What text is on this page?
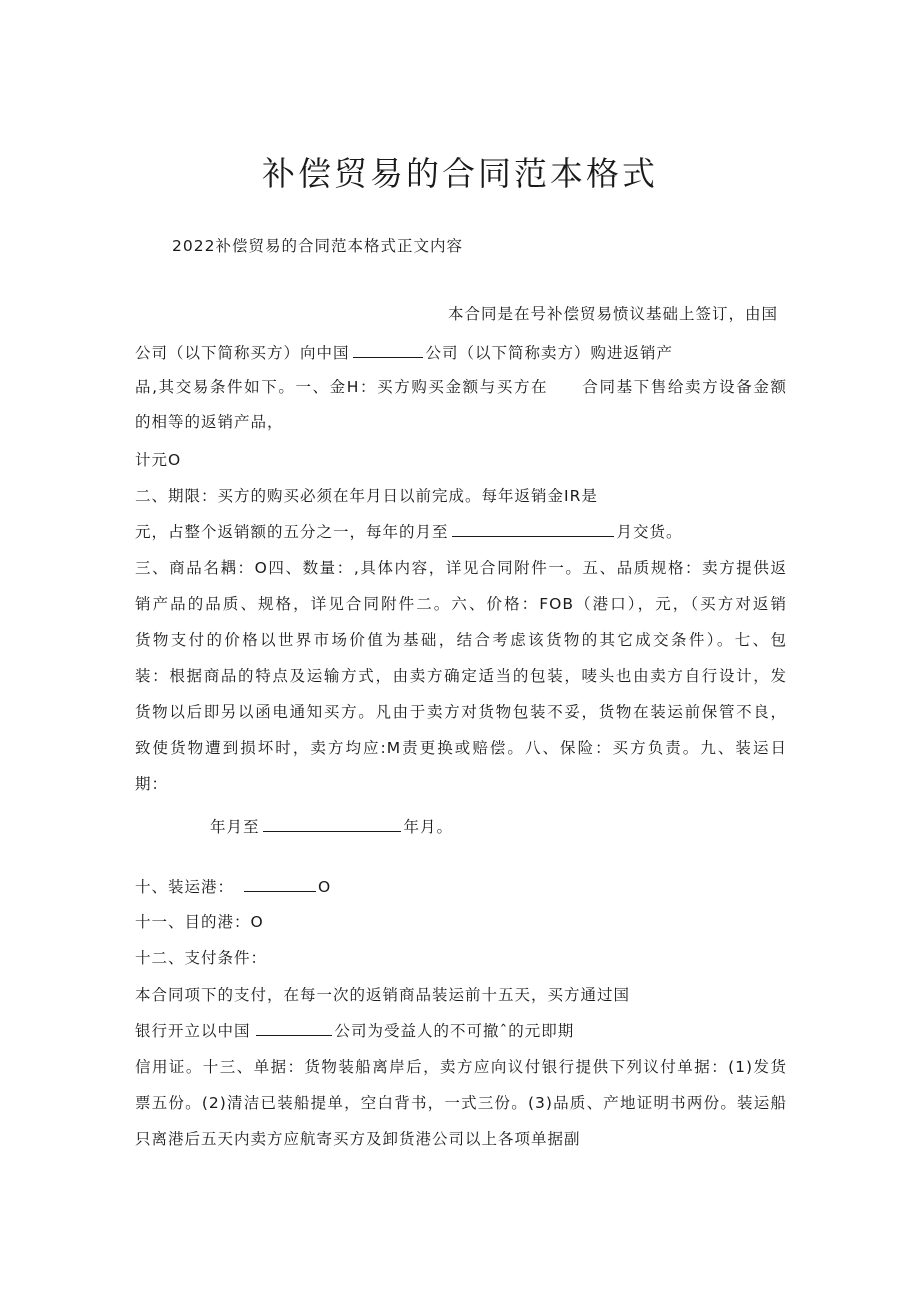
补偿贸易的合同范本格式
2022补偿贸易的合同范本格式正文内容
本合同是在号补偿贸易愤议基础上签订，由国
公司（以下简称买方）向中国	公司（以下简称卖方）购进返销产
品,其交易条件如下。一、金H：买方购买金额与买方在　　合同基下售给卖方设备金额
的相等的返销产品，
计元O
二、期限：买方的购买必须在年月日以前完成。每年返销金IR是
元，占整个返销额的五分之一，每年的月至	月交货。
三、商品名耦：O四、数量：,具体内容，详见合同附件一。五、品质规格：卖方提供返
销产品的品质、规格，详见合同附件二。六、价格：FOB（港口），元，（买方对返销
货物支付的价格以世界市场价值为基础，结合考虑该货物的其它成交条件）。七、包
装：根据商品的特点及运输方式，由卖方确定适当的包装，唛头也由卖方自行设计，发
货物以后即另以函电通知买方。凡由于卖方对货物包装不妥，货物在装运前保管不良，
致使货物遭到损坏时，卖方均应:M责更换或赔偿。八、保险：买方负责。九、装运日
期：
年月至	年月。
十、装运港：	O
十一、目的港：O
十二、支付条件：
本合同项下的支付，在每一次的返销商品装运前十五天，买方通过国
银行开立以中国	公司为受益人的不可撤ˆ的元即期
信用证。十三、单据：货物装船离岸后，卖方应向议付银行提供下列议付单据：(1)发货
票五份。(2)清洁已装船提单，空白背书，一式三份。(3)品质、产地证明书两份。装运船
只离港后五天内卖方应航寄买方及卸货港公司以上各项单据副
